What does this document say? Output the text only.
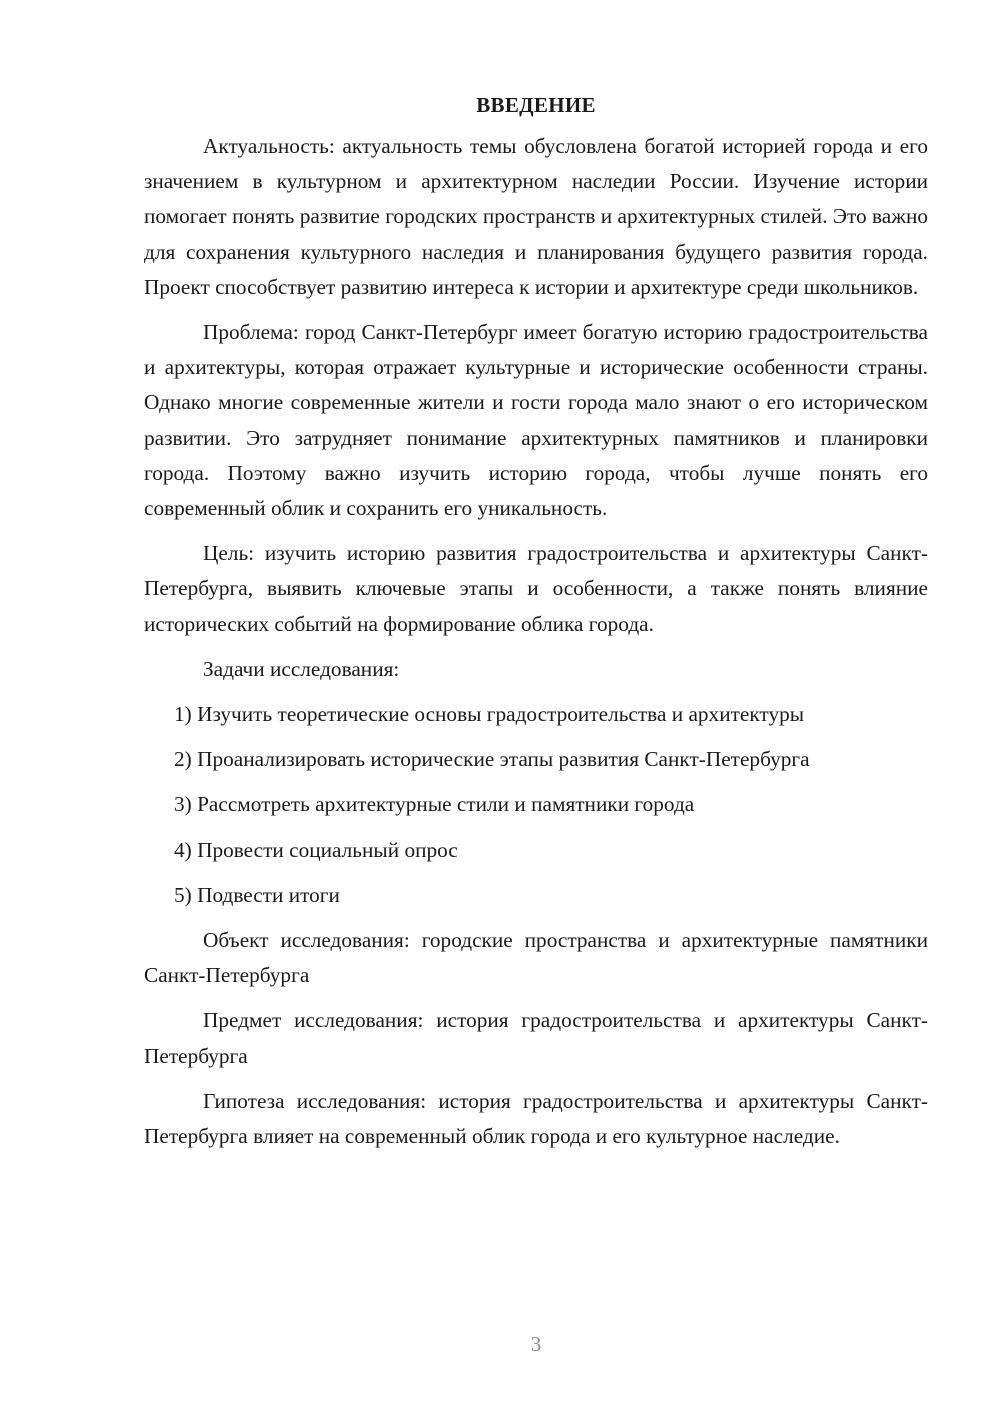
ВВЕДЕНИЕ

Актуальность: актуальность темы обусловлена богатой историей города и его значением в культурном и архитектурном наследии России. Изучение истории помогает понять развитие городских пространств и архитектурных стилей. Это важно для сохранения культурного наследия и планирования будущего развития города. Проект способствует развитию интереса к истории и архитектуре среди школьников.

Проблема: город Санкт-Петербург имеет богатую историю градостроительства и архитектуры, которая отражает культурные и исторические особенности страны. Однако многие современные жители и гости города мало знают о его историческом развитии. Это затрудняет понимание архитектурных памятников и планировки города. Поэтому важно изучить историю города, чтобы лучше понять его современный облик и сохранить его уникальность.

Цель: изучить историю развития градостроительства и архитектуры Санкт-Петербурга, выявить ключевые этапы и особенности, а также понять влияние исторических событий на формирование облика города.

Задачи исследования:

1) Изучить теоретические основы градостроительства и архитектуры
2) Проанализировать исторические этапы развития Санкт-Петербурга
3) Рассмотреть архитектурные стили и памятники города
4) Провести социальный опрос
5) Подвести итоги

Объект исследования: городские пространства и архитектурные памятники Санкт-Петербурга

Предмет исследования: история градостроительства и архитектуры Санкт-Петербурга

Гипотеза исследования: история градостроительства и архитектуры Санкт-Петербурга влияет на современный облик города и его культурное наследие.

3
